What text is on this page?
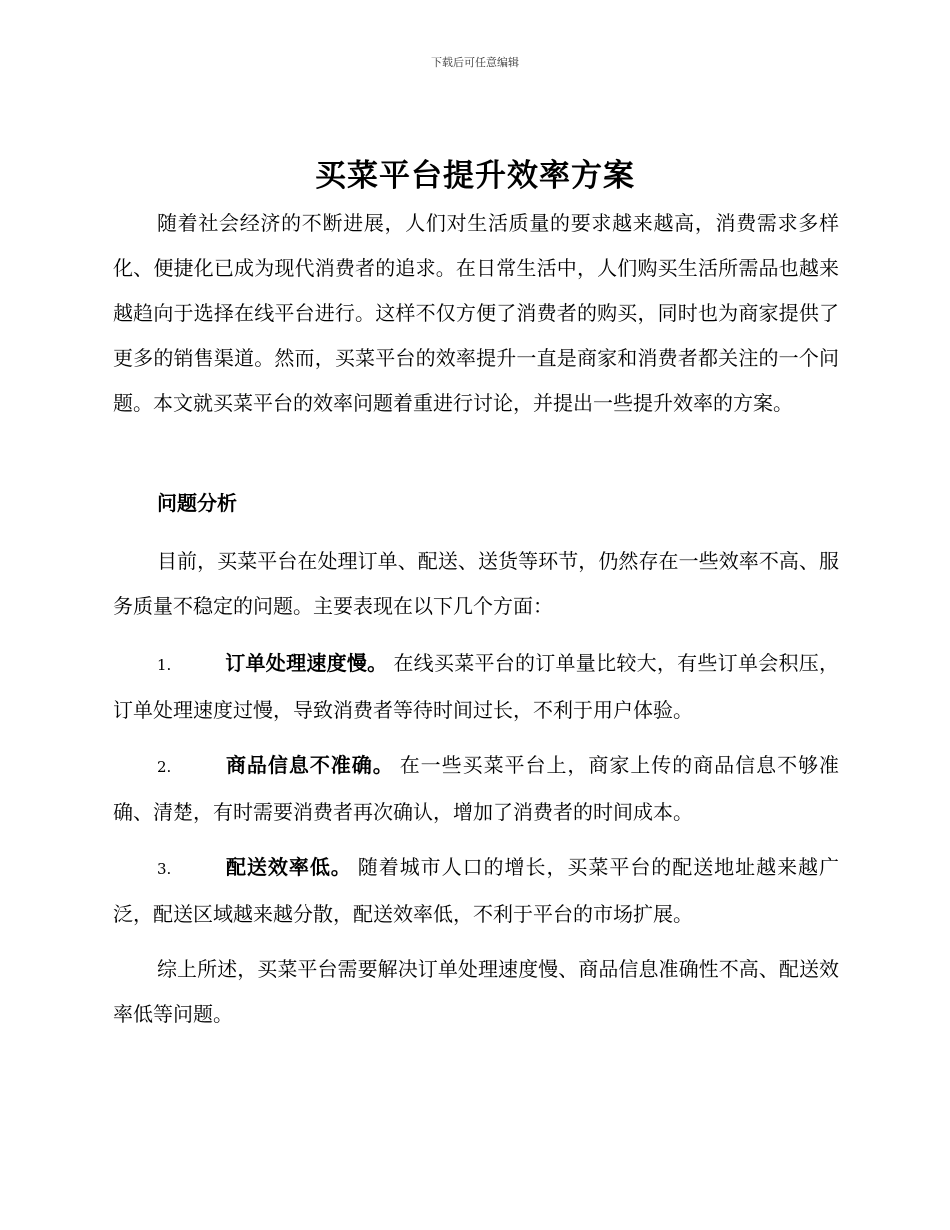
下载后可任意编辑
买菜平台提升效率方案

随着社会经济的不断进展，人们对生活质量的要求越来越高，消费需求多样化、便捷化已成为现代消费者的追求。在日常生活中，人们购买生活所需品也越来越趋向于选择在线平台进行。这样不仅方便了消费者的购买，同时也为商家提供了更多的销售渠道。然而，买菜平台的效率提升一直是商家和消费者都关注的一个问题。本文就买菜平台的效率问题着重进行讨论，并提出一些提升效率的方案。

问题分析

目前，买菜平台在处理订单、配送、送货等环节，仍然存在一些效率不高、服务质量不稳定的问题。主要表现在以下几个方面：

1.	订单处理速度慢。 在线买菜平台的订单量比较大，有些订单会积压，订单处理速度过慢，导致消费者等待时间过长，不利于用户体验。

2.	商品信息不准确。 在一些买菜平台上，商家上传的商品信息不够准确、清楚，有时需要消费者再次确认，增加了消费者的时间成本。

3.	配送效率低。 随着城市人口的增长，买菜平台的配送地址越来越广泛，配送区域越来越分散，配送效率低，不利于平台的市场扩展。

综上所述，买菜平台需要解决订单处理速度慢、商品信息准确性不高、配送效率低等问题。
